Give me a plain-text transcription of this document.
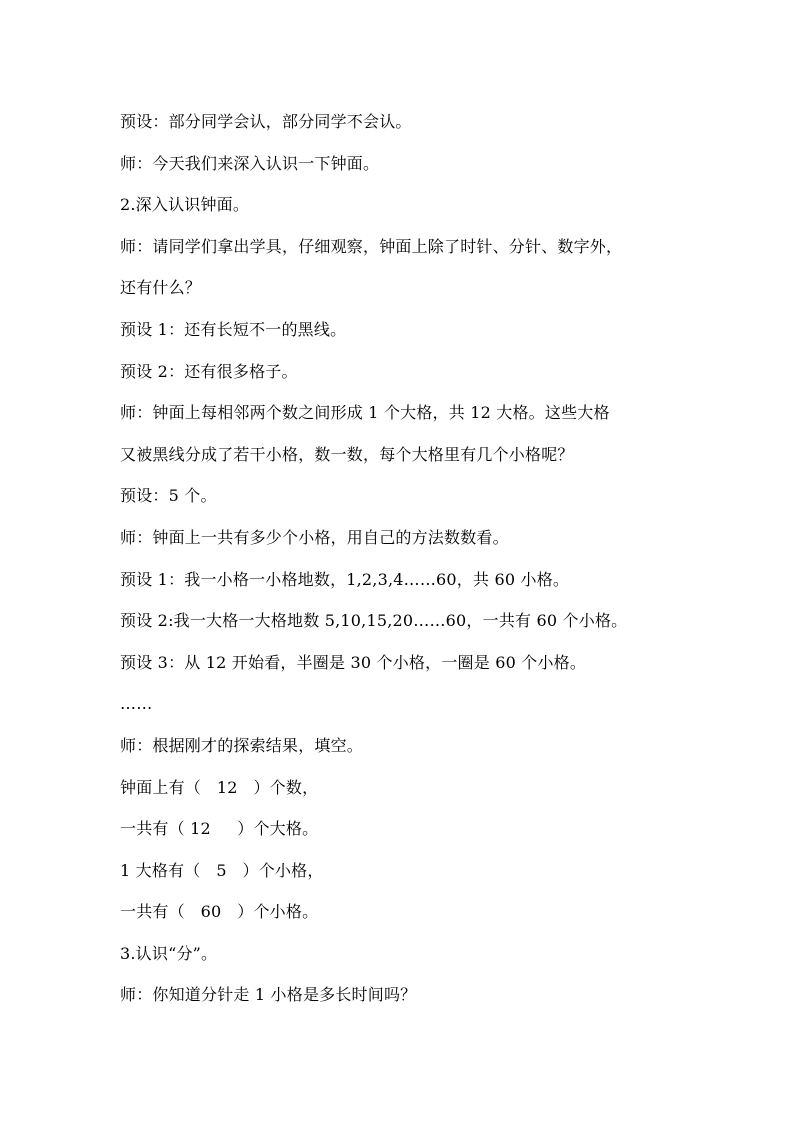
预设：部分同学会认，部分同学不会认。
师：今天我们来深入认识一下钟面。
2.深入认识钟面。
师：请同学们拿出学具，仔细观察，钟面上除了时针、分针、数字外，
还有什么？
预设 1：还有长短不一的黑线。
预设 2：还有很多格子。
师：钟面上每相邻两个数之间形成 1 个大格，共 12 大格。这些大格
又被黑线分成了若干小格，数一数，每个大格里有几个小格呢？
预设：5 个。
师：钟面上一共有多少个小格，用自己的方法数数看。
预设 1：我一小格一小格地数，1,2,3,4……60，共 60 小格。
预设 2:我一大格一大格地数 5,10,15,20……60，一共有 60 个小格。
预设 3：从 12 开始看，半圈是 30 个小格，一圈是 60 个小格。
……
师：根据刚才的探索结果，填空。
钟面上有（   12   ）个数，
一共有（ 12     ）个大格。
1 大格有（   5   ）个小格，
一共有（   60   ）个小格。
3.认识“分”。
师：你知道分针走 1 小格是多长时间吗？
